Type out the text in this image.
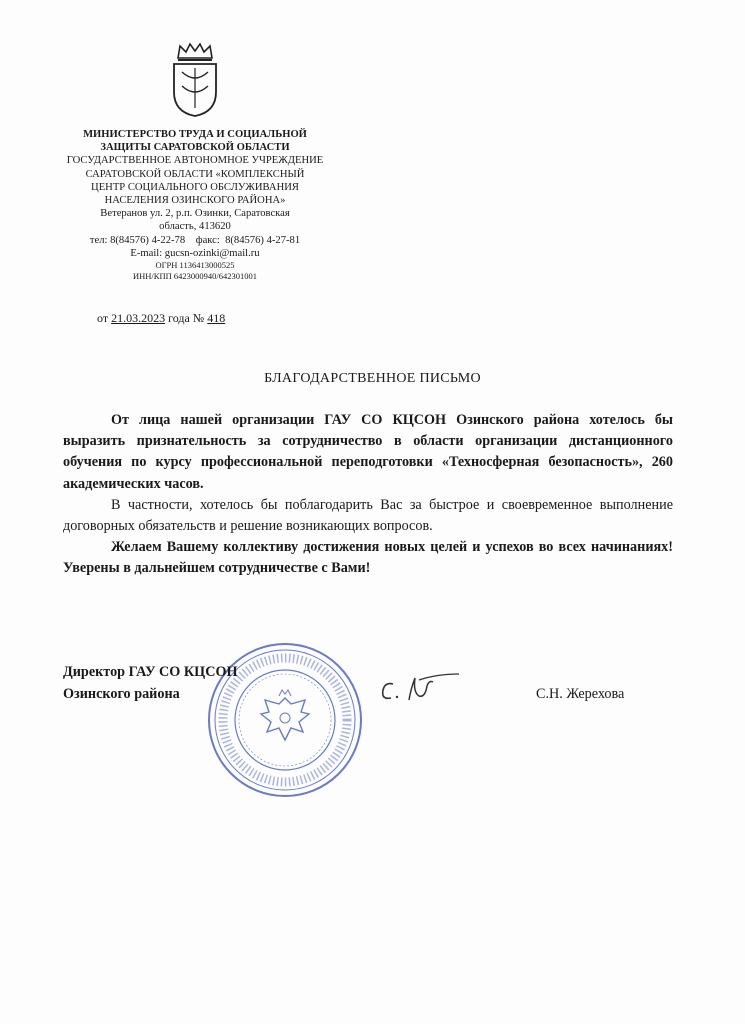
МИНИСТЕРСТВО ТРУДА И СОЦИАЛЬНОЙ
ЗАЩИТЫ САРАТОВСКОЙ ОБЛАСТИ
ГОСУДАРСТВЕННОЕ АВТОНОМНОЕ УЧРЕЖДЕНИЕ
САРАТОВСКОЙ ОБЛАСТИ «КОМПЛЕКСНЫЙ
ЦЕНТР СОЦИАЛЬНОГО ОБСЛУЖИВАНИЯ
НАСЕЛЕНИЯ ОЗИНСКОГО РАЙОНА»
Ветеранов ул. 2, р.п. Озинки, Саратовская
область, 413620
тел: 8(84576) 4-22-78    факс:  8(84576) 4-27-81
E-mail: gucsn-ozinki@mail.ru
ОГРН 1136413000525
ИНН/КПП 6423000940/642301001
от 21.03.2023 года № 418
БЛАГОДАРСТВЕННОЕ ПИСЬМО

От лица нашей организации ГАУ СО КЦСОН Озинского района хотелось бы выразить признательность за сотрудничество в области организации дистанционного обучения по курсу профессиональной переподготовки «Техносферная безопасность», 260 академических часов.

В частности, хотелось бы поблагодарить Вас за быстрое и своевременное выполнение договорных обязательств и решение возникающих вопросов.

Желаем Вашему коллективу достижения новых целей и успехов во всех начинаниях! Уверены в дальнейшем сотрудничестве с Вами!

Директор ГАУ СО КЦСОН
Озинского района	С.Н. Жерехова
